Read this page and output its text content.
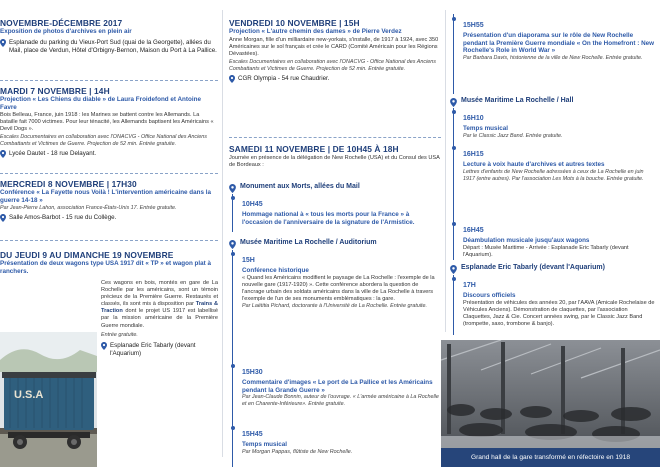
NOVEMBRE-DÉCEMBRE 2017
Exposition de photos d'archives en plein air
Esplanade du parking du Vieux-Port Sud (quai de la Georgette), allées du Mail, place de Verdun, Hôtel d'Orbigny-Bernon, Maison du Port à La Pallice.
MARDI 7 NOVEMBRE | 14H
Projection « Les Chiens du diable » de Laura Froidefond et Antoine Favre
Bois Belleau, France, juin 1918 : les Marines se battent contre les Allemands. La bataille fait 7000 victimes. Pour leur ténacité, les Allemands baptisent les Américains « Devil Dogs ».
Escales Documentaires en collaboration avec l'ONACVG - Office National des Anciens Combattants et Victimes de Guerre. Projection de 52 min. Entrée gratuite.
Lycée Dautet - 18 rue Delayant.
MERCREDI 8 NOVEMBRE | 17H30
Conférence « La Fayette nous Voilà ! L'intervention américaine dans la guerre 14-18 »
Par Jean-Pierre Lahon, association France-États-Unis 17. Entrée gratuite.
Salle Amos-Barbot - 15 rue du Collège.
DU JEUDI 9 AU DIMANCHE 19 NOVEMBRE
Présentation de deux wagons type USA 1917 dit « TP » et wagon plat à ranchers.
U.S.A
Ces wagons en bois, montés en gare de La Rochelle par les américains, sont un témoin précieux de la Première Guerre. Restaurés et classés, ils sont mis à disposition par Trains & Traction dont le projet US 1917 est labellisé par la mission américaine de la Première Guerre mondiale.
Entrée gratuite.
Esplanade Eric Tabarly (devant l'Aquarium)
VENDREDI 10 NOVEMBRE | 15H
Projection « L'autre chemin des dames » de Pierre Verdez
Anne Morgan, fille d'un milliardaire new-yorkais, s'installe, de 1917 à 1924, avec 350 Américaines sur le sol français et crée le CARD (Comité Américain pour les Régions Dévastées).
Escales Documentaires en collaboration avec l'ONACVG - Office National des Anciens Combattants et Victimes de Guerre. Projection de 52 min. Entrée gratuite.
CGR Olympia - 54 rue Chaudrier.
SAMEDI 11 NOVEMBRE | DE 10H45 À 18H
Journée en présence de la délégation de New Rochelle (USA) et du Consul des USA de Bordeaux :
Monument aux Morts, allées du Mail
10H45
Hommage national à « tous les morts pour la France » à l'occasion de l'anniversaire de la signature de l'Armistice.
Musée Maritime La Rochelle / Auditorium
15H
Conférence historique
« Quand les Américains modifient le paysage de La Rochelle : l'exemple de la nouvelle gare (1917-1920) ». Cette conférence abordera la question de l'ancrage urbain des soldats américains dans la ville de La Rochelle à travers l'exemple de l'un de ses monuments emblématiques : la gare.
Par Laëtitia Pichard, doctorante à l'Université de La Rochelle. Entrée gratuite.
15H30
Commentaire d'images « Le port de La Pallice et les Américains pendant la Grande Guerre »
Par Jean-Claude Bonnin, auteur de l'ouvrage. « L'armée américaine à La Rochelle et en Charente-Inférieure». Entrée gratuite.
15H45
Temps musical
Par Morgan Pappas, flûtiste de New Rochelle.
15H55
Présentation d'un diaporama sur le rôle de New Rochelle pendant la Première Guerre mondiale « On the Homefront : New Rochelle's Role in World War »
Par Barbara Davis, historienne de la ville de New Rochelle. Entrée gratuite.
Musée Maritime La Rochelle / Hall
16H10
Temps musical
Par le Classic Jazz Band. Entrée gratuite.
16H15
Lecture à voix haute d'archives et autres textes
Lettres d'enfants de New Rochelle adressées à ceux de La Rochelle en juin 1917 (entre autres). Par l'association Les Mots à la bouche. Entrée gratuite.
16H45
Déambulation musicale jusqu'aux wagons
Départ : Musée Maritime - Arrivée : Esplanade Eric Tabarly (devant l'Aquarium).
Esplanade Eric Tabarly (devant l'Aquarium)
17H
Discours officiels
Présentation de véhicules des années 20, par l'AAVA (Amicale Rochelaise de Véhicules Anciens). Démonstration de claquettes, par l'association Claquettes, Jazz & Cie. Concert années swing, par le Classic Jazz Band (trompette, saxo, trombone & banjo).
Grand hall de la gare transformé en réfectoire en 1918
